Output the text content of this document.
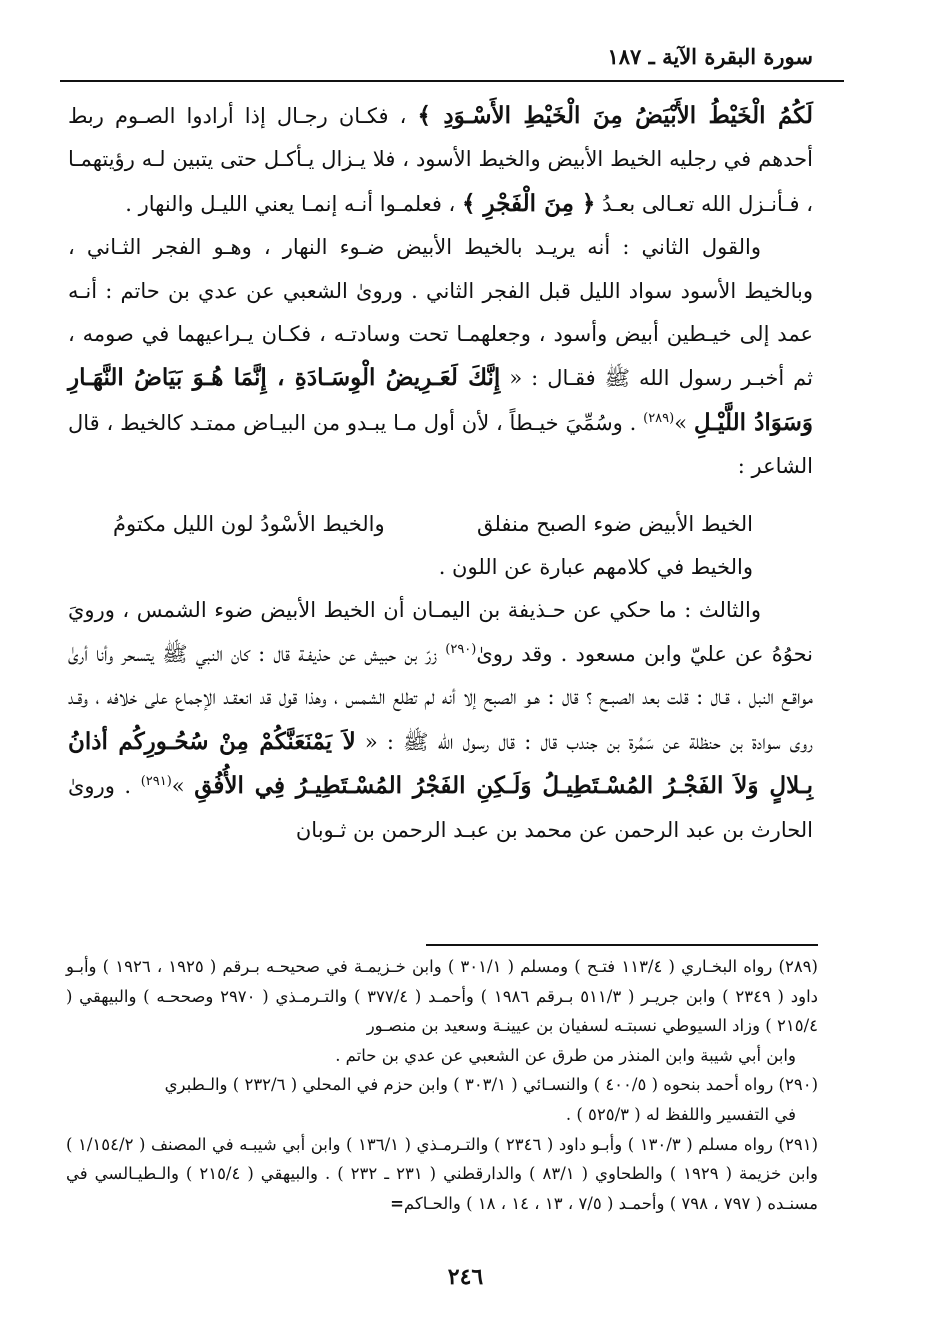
سورة البقرة الآية ـ ١٨٧

لَكُمُ الْخَيْطُ الأَبْيَضُ مِنَ الْخَيْطِ الأَسْـوَدِ ﴾ ، فكـان رجـال إذا أرادوا الصـوم ربط أحدهم في رجليه الخيط الأبيض والخيط الأسود ، فلا يـزال يـأكـل حتى يتبين لـه رؤيتهمـا ، فـأنـزل الله تعـالى بعـدُ ﴿ مِنَ الْفَجْرِ ﴾ ، فعلمـوا أنـه إنمـا يعني الليـل والنهار .

والقول الثاني : أنه يريـد بالخيط الأبيض ضـوء النهار ، وهـو الفجر الثـاني ، وبالخيط الأسود سواد الليل قبل الفجر الثاني . وروىٰ الشعبي عن عدي بن حاتم : أنـه عمد إلى خيـطين أبيض وأسود ، وجعلهمـا تحت وسادتـه ، فكـان يـراعيهما في صومه ، ثم أخبـر رسول الله ﷺ فقـال : « إِنَّكَ لَعَـرِيضُ الْوِسَـادَةِ ، إِنَّمَا هُـوَ بَيَاضُ النَّهَـارِ وَسَوَادُ اللَّيْـلِ »$^{(٢٨٩)}$ . وسُمِّيَ خيـطاً ، لأن أول مـا يبـدو من البيـاض ممتـد كالخيط ، قال الشاعر :

الخيط الأبيض ضوء الصبح منفلق
والخيط الأسْودُ لون الليل مكتومُ

والخيط في كلامهم عبارة عن اللون .

والثالث : ما حكي عن حـذيفة بن اليمـان أن الخيط الأبيض ضوء الشمس ، ورويَ نحوُهُ عن عليّ وابن مسعود . وقد روىٰ$^{(٢٩٠)}$ زرّ بن حبيش عن حذيفـة قال : كان النبي ﷺ يتسحر وأنا أرىٰ مواقـع النبل ، قـال : قلت بعد الصبـح ؟ قال : هـو الصبح إلا أنه لم تطلع الشمس ، وهذا قول قد انعقـد الإجماع على خلافه ، وقـد روى سوادة بن حنظلة عن سَمُرة بن جندب قال : قال رسول الله ﷺ : « لاَ يَمْنَعَنَّكُمْ مِنْ سُحُـورِكُم أذانُ بِـلالٍ وَلاَ الفَجْـرُ المُسْـتَطِيـلُ وَلَـكِنِ الفَجْرُ المُسْـتَطِيـرُ فِي الأُفُقِ »$^{(٢٩١)}$ . وروىٰ الحارث بن عبد الرحمن عن محمد بن عبـد الرحمن بن ثـوبان

(٢٨٩) رواه البخـاري ( ١١٣/٤ فتـح ) ومسلم ( ٣٠١/١ ) وابن خـزيمـة في صحيحـه بـرقم ( ١٩٢٥ ، ١٩٢٦ ) وأبـو داود ( ٢٣٤٩ ) وابن جريـر ( ٥١١/٣ بـرقم ١٩٨٦ ) وأحمـد ( ٣٧٧/٤ ) والتـرمـذي ( ٢٩٧٠ وصححـه ) والبيهقي ( ٢١٥/٤ ) وزاد السيوطي نسبتـه لسفيان بن عيينـة وسعيد بن منصـور

وابن أبي شيبة وابن المنذر من طرق عن الشعبي عن عدي بن حاتم .

(٢٩٠) رواه أحمد بنحوه ( ٤٠٠/٥ ) والنسـائي ( ٣٠٣/١ ) وابن حزم في المحلي ( ٢٣٢/٦ ) والـطبري

في التفسير واللفظ له ( ٥٢٥/٣ ) .

(٢٩١) رواه مسلم ( ١٣٠/٣ ) وأبـو داود ( ٢٣٤٦ ) والتـرمـذي ( ١٣٦/١ ) وابن أبي شيبـه في المصنف ( ١/١٥٤/٢ ) وابن خزيمة ( ١٩٢٩ ) والطحاوي ( ٨٣/١ ) والدارقطني ( ٢٣١ ـ ٢٣٢ ) . والبيهقي ( ٢١٥/٤ ) والـطيـالسي في مسنـده ( ٧٩٧ ، ٧٩٨ ) وأحمـد ( ٧/٥ ، ١٣ ، ١٤ ، ١٨ ) والحـاكم=

٢٤٦
